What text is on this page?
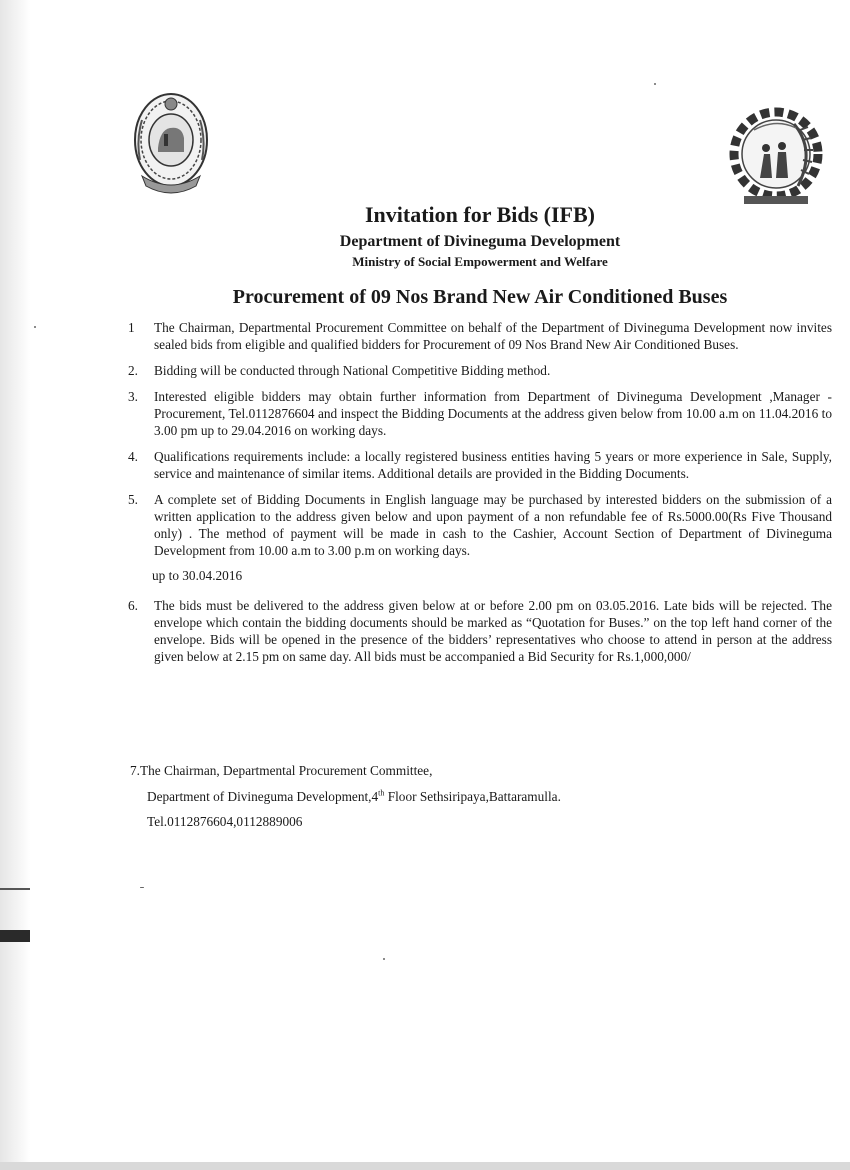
Invitation for Bids (IFB)
Department of Divineguma Development
Ministry of Social Empowerment and Welfare
Procurement of 09 Nos Brand New Air Conditioned Buses
1 The Chairman, Departmental Procurement Committee on behalf of the Department of Divineguma Development now invites sealed bids from eligible and qualified bidders for Procurement of 09 Nos Brand New Air Conditioned Buses.
2. Bidding will be conducted through National Competitive Bidding method.
3. Interested eligible bidders may obtain further information from Department of Divineguma Development ,Manager -Procurement, Tel.0112876604 and inspect the Bidding Documents at the address given below from 10.00 a.m on 11.04.2016 to 3.00 pm up to 29.04.2016 on working days.
4. Qualifications requirements include: a locally registered business entities having 5 years or more experience in Sale, Supply, service and maintenance of similar items. Additional details are provided in the Bidding Documents.
5. A complete set of Bidding Documents in English language may be purchased by interested bidders on the submission of a written application to the address given below and upon payment of a non refundable fee of Rs.5000.00(Rs Five Thousand only) . The method of payment will be made in cash to the Cashier, Account Section of Department of Divineguma Development from 10.00 a.m to 3.00 p.m on working days.
up to 30.04.2016
6. The bids must be delivered to the address given below at or before 2.00 pm on 03.05.2016. Late bids will be rejected. The envelope which contain the bidding documents should be marked as “Quotation for Buses.” on the top left hand corner of the envelope. Bids will be opened in the presence of the bidders’ representatives who choose to attend in person at the address given below at 2.15 pm on same day. All bids must be accompanied a Bid Security for Rs.1,000,000/
7.The Chairman, Departmental Procurement Committee,
Department of Divineguma Development,4th Floor Sethsiripaya,Battaramulla.
Tel.0112876604,0112889006
